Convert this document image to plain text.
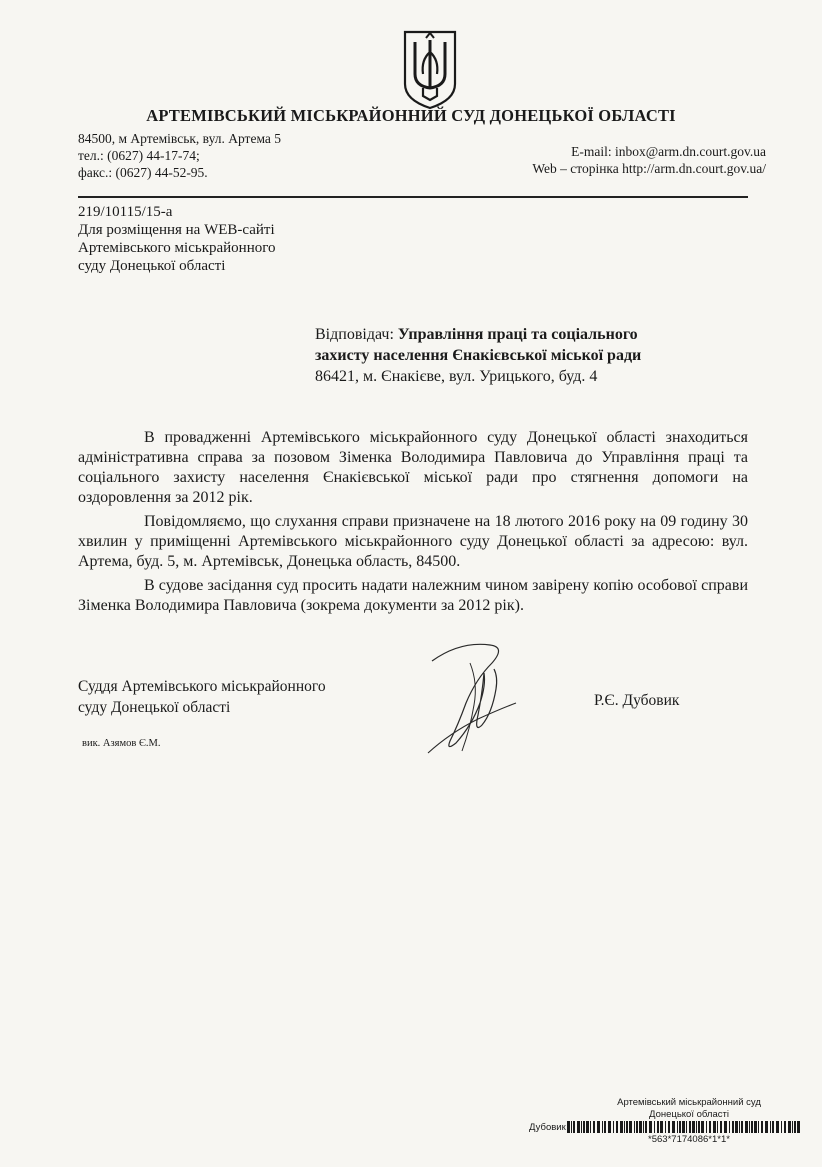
АРТЕМІВСЬКИЙ МІСЬКРАЙОННИЙ СУД ДОНЕЦЬКОЇ ОБЛАСТІ
84500, м Артемівськ, вул. Артема 5
тел.: (0627) 44-17-74;
факс.: (0627) 44-52-95.
E-mail: inbox@arm.dn.court.gov.ua
Web – сторінка http://arm.dn.court.gov.ua/
219/10115/15-а
Для розміщення на WEB-сайті
Артемівського міськрайонного
суду Донецької області
Відповідач: Управління праці та соціального
захисту населення Єнакієвської міської ради
86421, м. Єнакієве, вул. Урицького, буд. 4

В провадженні Артемівського міськрайонного суду Донецької області знаходиться адміністративна справа за позовом Зіменка Володимира Павловича до Управління праці та соціального захисту населення Єнакієвської міської ради про стягнення допомоги на оздоровлення за 2012 рік.

Повідомляємо, що слухання справи призначене на 18 лютого 2016 року на 09 годину 30 хвилин у приміщенні Артемівського міськрайонного суду Донецької області за адресою: вул. Артема, буд. 5, м. Артемівськ, Донецька область, 84500.

В судове засідання суд просить надати належним чином завірену копію особової справи Зіменка Володимира Павловича (зокрема документи за 2012 рік).

Суддя Артемівського міськрайонного
суду Донецької області	Р.Є. Дубовик
вик. Азямов Є.М.
Артемівський міськрайонний суд
Донецької області
Дубовик
*563*7174086*1*1*
